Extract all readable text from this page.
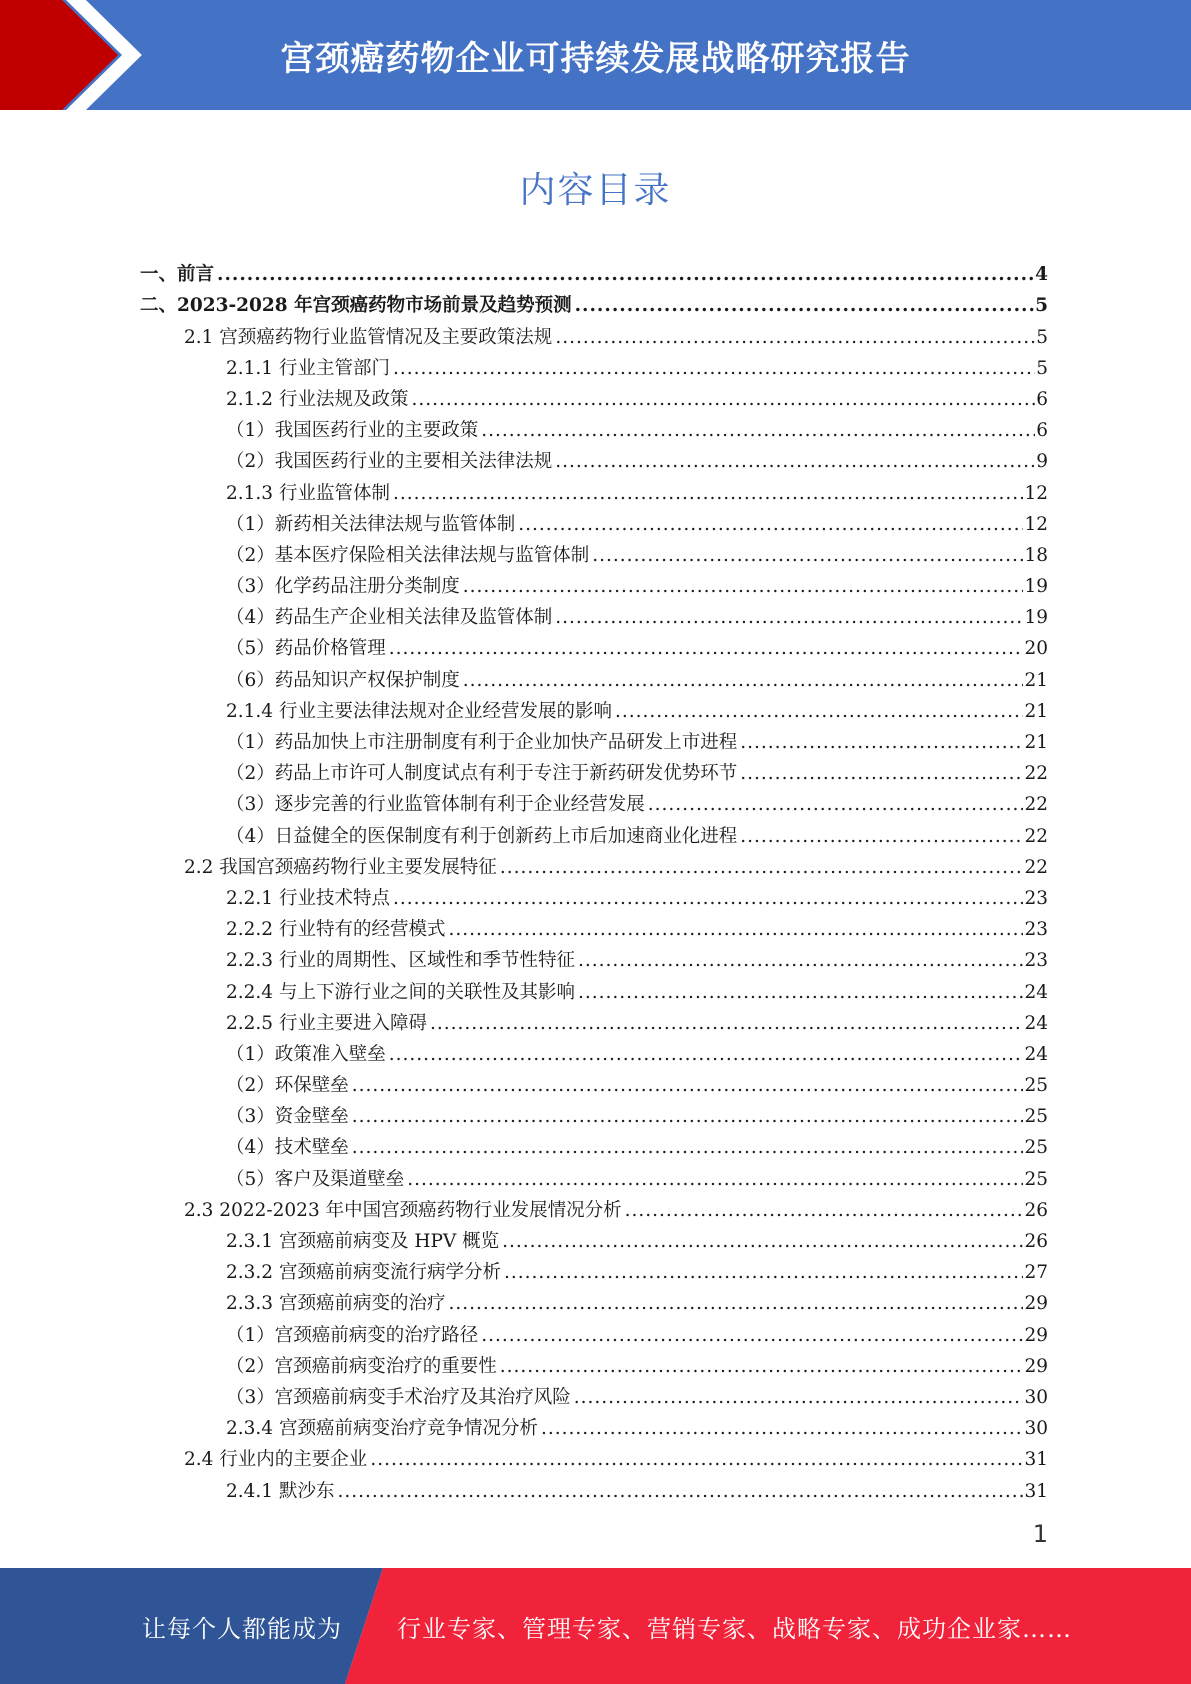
宫颈癌药物企业可持续发展战略研究报告
内容目录
一、前言 .....	4
二、2023-2028 年宫颈癌药物市场前景及趋势预测 .....	5
2.1 宫颈癌药物行业监管情况及主要政策法规 .....	5
2.1.1 行业主管部门 .....	5
2.1.2 行业法规及政策 .....	6
（1）我国医药行业的主要政策 .....	6
（2）我国医药行业的主要相关法律法规 .....	9
2.1.3 行业监管体制 .....	12
（1）新药相关法律法规与监管体制 .....	12
（2）基本医疗保险相关法律法规与监管体制 .....	18
（3）化学药品注册分类制度 .....	19
（4）药品生产企业相关法律及监管体制 .....	19
（5）药品价格管理 .....	20
（6）药品知识产权保护制度 .....	21
2.1.4 行业主要法律法规对企业经营发展的影响 .....	21
（1）药品加快上市注册制度有利于企业加快产品研发上市进程 .....	21
（2）药品上市许可人制度试点有利于专注于新药研发优势环节 .....	22
（3）逐步完善的行业监管体制有利于企业经营发展 .....	22
（4）日益健全的医保制度有利于创新药上市后加速商业化进程 .....	22
2.2 我国宫颈癌药物行业主要发展特征 .....	22
2.2.1 行业技术特点 .....	23
2.2.2 行业特有的经营模式 .....	23
2.2.3 行业的周期性、区域性和季节性特征 .....	23
2.2.4 与上下游行业之间的关联性及其影响 .....	24
2.2.5 行业主要进入障碍 .....	24
（1）政策准入壁垒 .....	24
（2）环保壁垒 .....	25
（3）资金壁垒 .....	25
（4）技术壁垒 .....	25
（5）客户及渠道壁垒 .....	25
2.3 2022-2023 年中国宫颈癌药物行业发展情况分析 .....	26
2.3.1 宫颈癌前病变及 HPV 概览 .....	26
2.3.2 宫颈癌前病变流行病学分析 .....	27
2.3.3 宫颈癌前病变的治疗 .....	29
（1）宫颈癌前病变的治疗路径 .....	29
（2）宫颈癌前病变治疗的重要性 .....	29
（3）宫颈癌前病变手术治疗及其治疗风险 .....	30
2.3.4 宫颈癌前病变治疗竞争情况分析 .....	30
2.4 行业内的主要企业 .....	31
2.4.1 默沙东 .....	31
1
让每个人都能成为 行业专家、管理专家、营销专家、战略专家、成功企业家……
